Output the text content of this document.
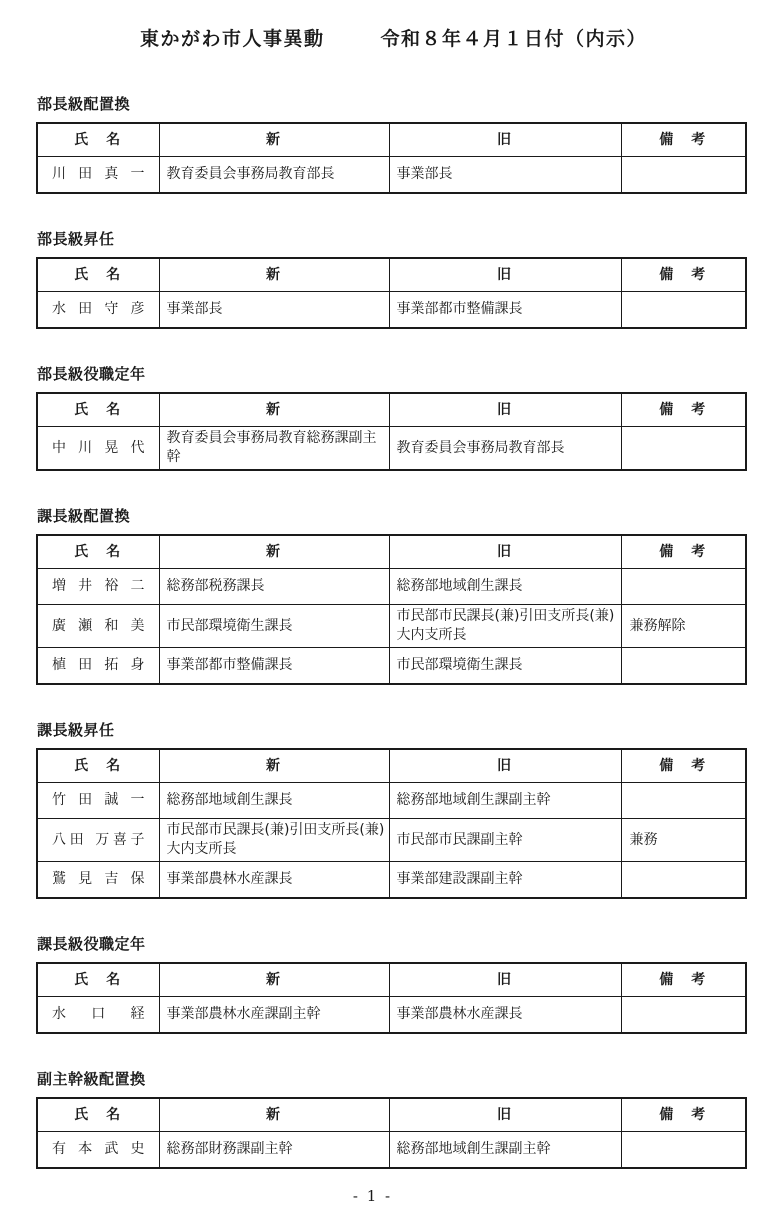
東かがわ市人事異動	令和８年４月１日付（内示）
部長級配置換
氏　名	新	旧	備　考

川 田 真 一	教育委員会事務局教育部長	事業部長	
部長級昇任
氏　名	新	旧	備　考

水 田 守 彦	事業部長	事業部都市整備課長	
部長級役職定年
氏　名	新	旧	備　考

中 川 晃 代	教育委員会事務局教育総務課副主幹	教育委員会事務局教育部長	
課長級配置換
氏　名	新	旧	備　考

増 井 裕 二	総務部税務課長	総務部地域創生課長	

廣 瀬 和 美	市民部環境衛生課長	市民部市民課長(兼)引田支所長(兼)大内支所長	兼務解除

植 田 拓 身	事業部都市整備課長	市民部環境衛生課長	
課長級昇任
氏　名	新	旧	備　考

竹 田 誠 一	総務部地域創生課長	総務部地域創生課副主幹	

八田 万喜子	市民部市民課長(兼)引田支所長(兼)大内支所長	市民部市民課副主幹	兼務

鷲 見 吉 保	事業部農林水産課長	事業部建設課副主幹	
課長級役職定年
氏　名	新	旧	備　考

水 口 経	事業部農林水産課副主幹	事業部農林水産課長	
副主幹級配置換
氏　名	新	旧	備　考

有 本 武 史	総務部財務課副主幹	総務部地域創生課副主幹	
- 1 -
